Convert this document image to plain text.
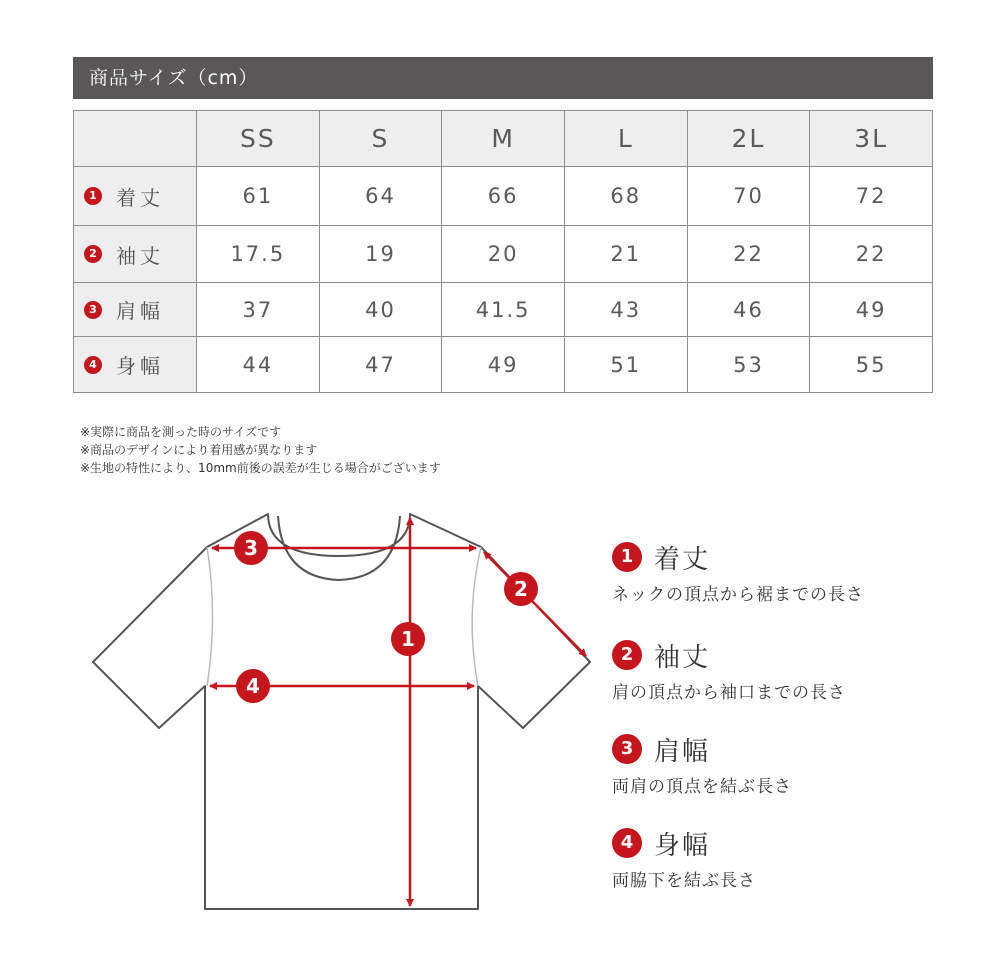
商品サイズ（cm）
	SS	S	M	L	2L	3L
1 着丈	61	64	66	68	70	72
2 袖丈	17.5	19	20	21	22	22
3 肩幅	37	40	41.5	43	46	49
4 身幅	44	47	49	51	53	55
※実際に商品を測った時のサイズです
※商品のデザインにより着用感が異なります
※生地の特性により、10mm前後の誤差が生じる場合がございます
3
4
1
2
1 着丈
ネックの頂点から裾までの長さ
2 袖丈
肩の頂点から袖口までの長さ
3 肩幅
両肩の頂点を結ぶ長さ
4 身幅
両脇下を結ぶ長さ
